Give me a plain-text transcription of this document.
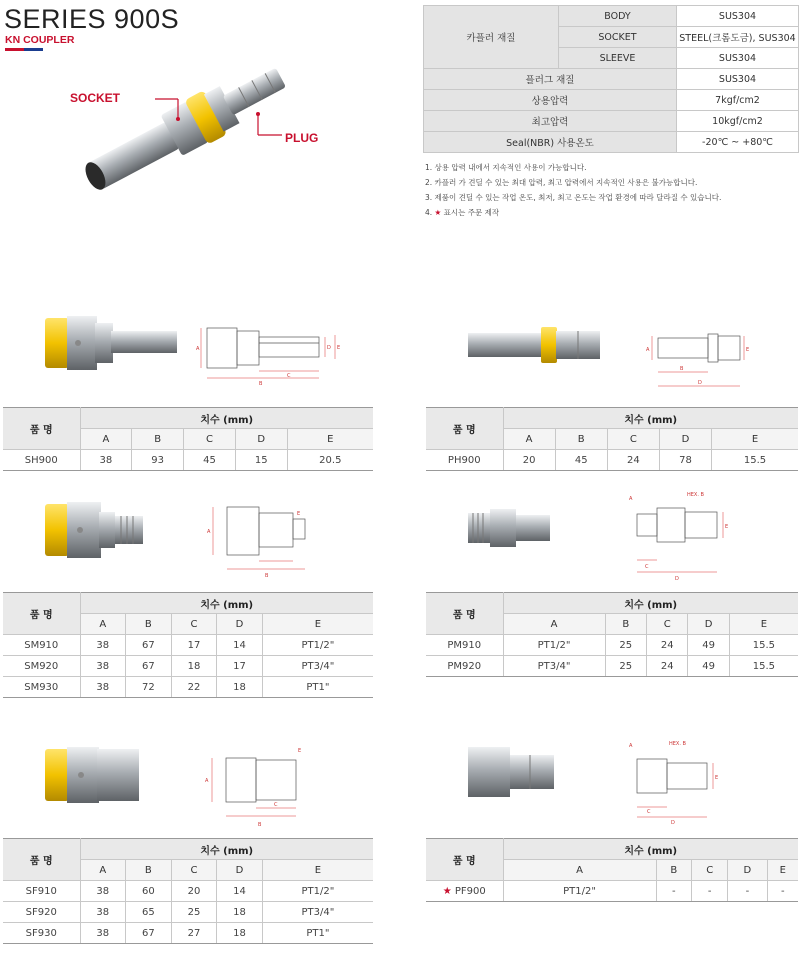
SERIES 900S
KN COUPLER
SOCKET
PLUG
카플러 재질	BODY	SUS304
	SOCKET	STEEL(크롬도금), SUS304
	SLEEVE	SUS304
플러그 재질		SUS304
상용압력		7kgf/cm2
최고압력		10kgf/cm2
Seal(NBR) 사용온도		-20℃ ~ +80℃
1. 상용 압력 내에서 지속적인 사용이 가능합니다.
2. 카플러 가 견딜 수 있는 최대 압력, 최고 압력에서 지속적인 사용은 불가능합니다.
3. 제품이 견딜 수 있는 작업 온도, 최저, 최고 온도는 작업 환경에 따라 달라질 수 있습니다.
4. ★ 표시는 주문 제작
A
B
C
D E	A
B
D
E
A
B
E
A
HEX. B
C
D
E
A
B
C
E
A	HEX. B
C
D
E
품 명	치수 (mm)				
	A	B	C	D	E
SH900	38	93	45	15	20.5
품 명	치수 (mm)				
	A	B	C	D	E
PH900	20	45	24	78	15.5
품 명	치수 (mm)				
	A	B	C	D	E
SM910	38	67	17	14	PT1/2"
SM920	38	67	18	17	PT3/4"
SM930	38	72	22	18	PT1"
품 명	치수 (mm)				
	A	B	C	D	E
PM910	PT1/2"	25	24	49	15.5
PM920	PT3/4"	25	24	49	15.5
품 명	치수 (mm)				
	A	B	C	D	E
SF910	38	60	20	14	PT1/2"
SF920	38	65	25	18	PT3/4"
SF930	38	67	27	18	PT1"
품 명	치수 (mm)				
	A	B	C	D	E
★ PF900	PT1/2"	-	-	-	-
